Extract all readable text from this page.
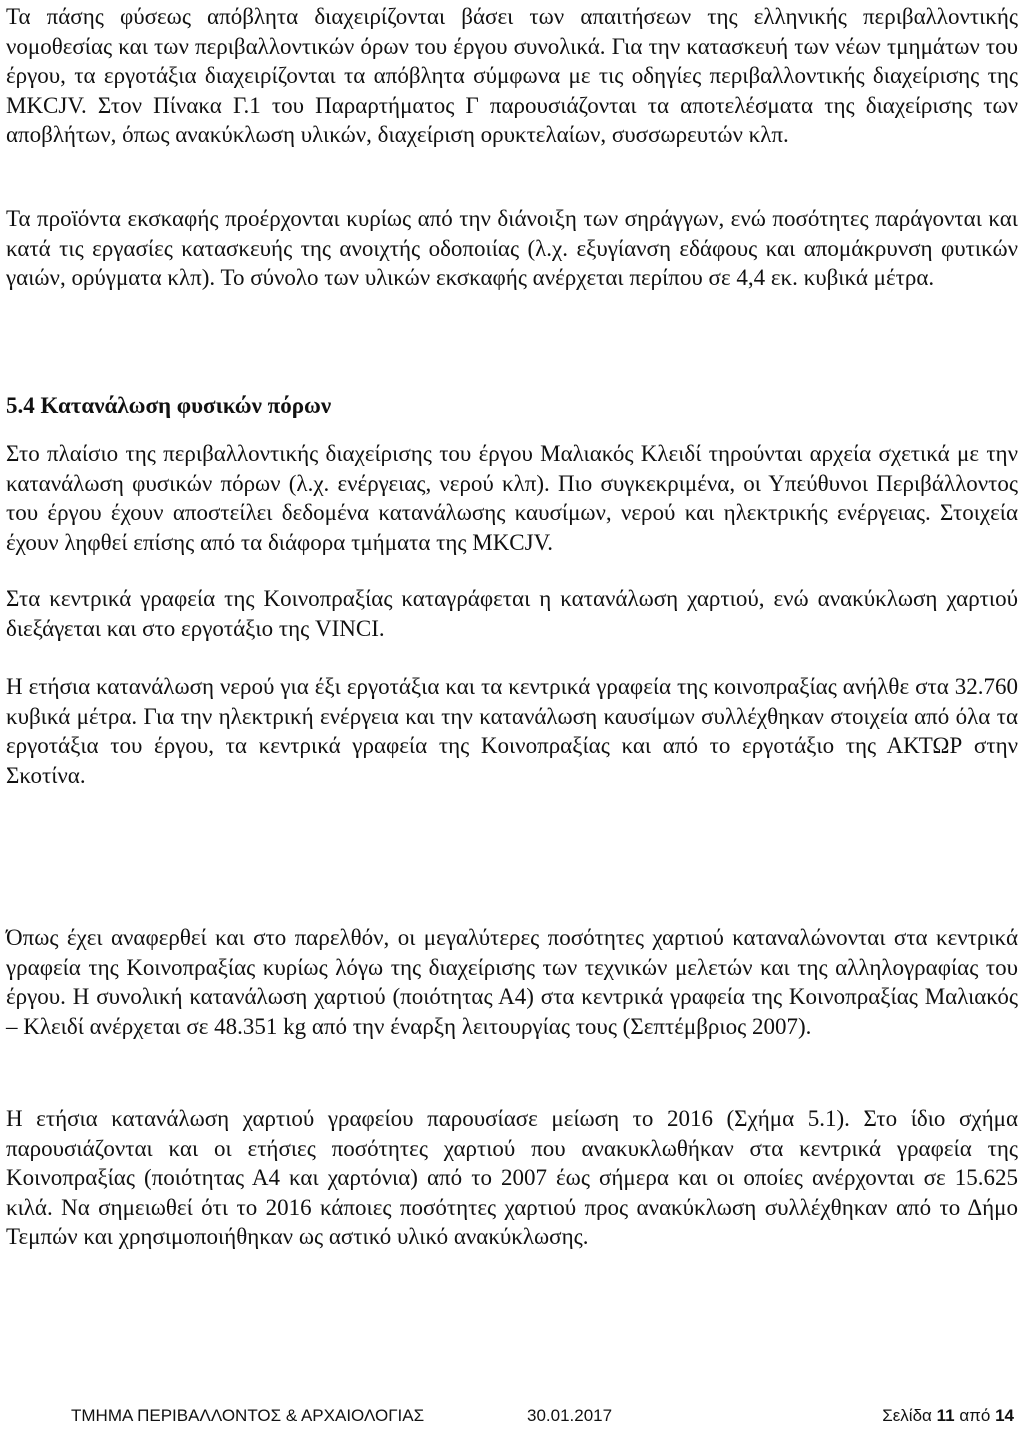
Τα πάσης φύσεως απόβλητα διαχειρίζονται βάσει των απαιτήσεων της ελληνικής περιβαλλοντικής νομοθεσίας και των περιβαλλοντικών όρων του έργου συνολικά. Για την κατασκευή των νέων τμημάτων του έργου, τα εργοτάξια διαχειρίζονται τα απόβλητα σύμφωνα με τις οδηγίες περιβαλλοντικής διαχείρισης της MKCJV. Στον Πίνακα Γ.1 του Παραρτήματος Γ παρουσιάζονται τα αποτελέσματα της διαχείρισης των αποβλήτων, όπως ανακύκλωση υλικών, διαχείριση ορυκτελαίων, συσσωρευτών κλπ.

Τα προϊόντα εκσκαφής προέρχονται κυρίως από την διάνοιξη των σηράγγων, ενώ ποσότητες παράγονται και κατά τις εργασίες κατασκευής της ανοιχτής οδοποιίας (λ.χ. εξυγίανση εδάφους και απομάκρυνση φυτικών γαιών, ορύγματα κλπ). Το σύνολο των υλικών εκσκαφής ανέρχεται περίπου σε 4,4 εκ. κυβικά μέτρα.

5.4 Κατανάλωση φυσικών πόρων

Στο πλαίσιο της περιβαλλοντικής διαχείρισης του έργου Μαλιακός Κλειδί τηρούνται αρχεία σχετικά με την κατανάλωση φυσικών πόρων (λ.χ. ενέργειας, νερού κλπ). Πιο συγκεκριμένα, οι Υπεύθυνοι Περιβάλλοντος του έργου έχουν αποστείλει δεδομένα κατανάλωσης καυσίμων, νερού και ηλεκτρικής ενέργειας. Στοιχεία έχουν ληφθεί επίσης από τα διάφορα τμήματα της MKCJV.

Στα κεντρικά γραφεία της Κοινοπραξίας καταγράφεται η κατανάλωση χαρτιού, ενώ ανακύκλωση χαρτιού διεξάγεται και στο εργοτάξιο της VINCI.

Η ετήσια κατανάλωση νερού για έξι εργοτάξια και τα κεντρικά γραφεία της κοινοπραξίας ανήλθε στα 32.760 κυβικά μέτρα. Για την ηλεκτρική ενέργεια και την κατανάλωση καυσίμων συλλέχθηκαν στοιχεία από όλα τα εργοτάξια του έργου, τα κεντρικά γραφεία της Κοινοπραξίας και από το εργοτάξιο της ΑΚΤΩΡ στην Σκοτίνα.

Όπως έχει αναφερθεί και στο παρελθόν, οι μεγαλύτερες ποσότητες χαρτιού καταναλώνονται στα κεντρικά γραφεία της Κοινοπραξίας κυρίως λόγω της διαχείρισης των τεχνικών μελετών και της αλληλογραφίας του έργου. Η συνολική κατανάλωση χαρτιού (ποιότητας Α4) στα κεντρικά γραφεία της Κοινοπραξίας Μαλιακός – Κλειδί ανέρχεται σε 48.351 kg από την έναρξη λειτουργίας τους (Σεπτέμβριος 2007).

Η ετήσια κατανάλωση χαρτιού γραφείου παρουσίασε μείωση το 2016 (Σχήμα 5.1). Στο ίδιο σχήμα παρουσιάζονται και οι ετήσιες ποσότητες χαρτιού που ανακυκλωθήκαν στα κεντρικά γραφεία της Κοινοπραξίας (ποιότητας Α4 και χαρτόνια) από το 2007 έως σήμερα και οι οποίες ανέρχονται σε 15.625 κιλά. Να σημειωθεί ότι το 2016 κάποιες ποσότητες χαρτιού προς ανακύκλωση συλλέχθηκαν από το Δήμο Τεμπών και χρησιμοποιήθηκαν ως αστικό υλικό ανακύκλωσης.

ΤΜΗΜΑ ΠΕΡΙΒΑΛΛΟΝΤΟΣ & ΑΡΧΑΙΟΛΟΓΙΑΣ	30.01.2017	Σελίδα 11 από 14
